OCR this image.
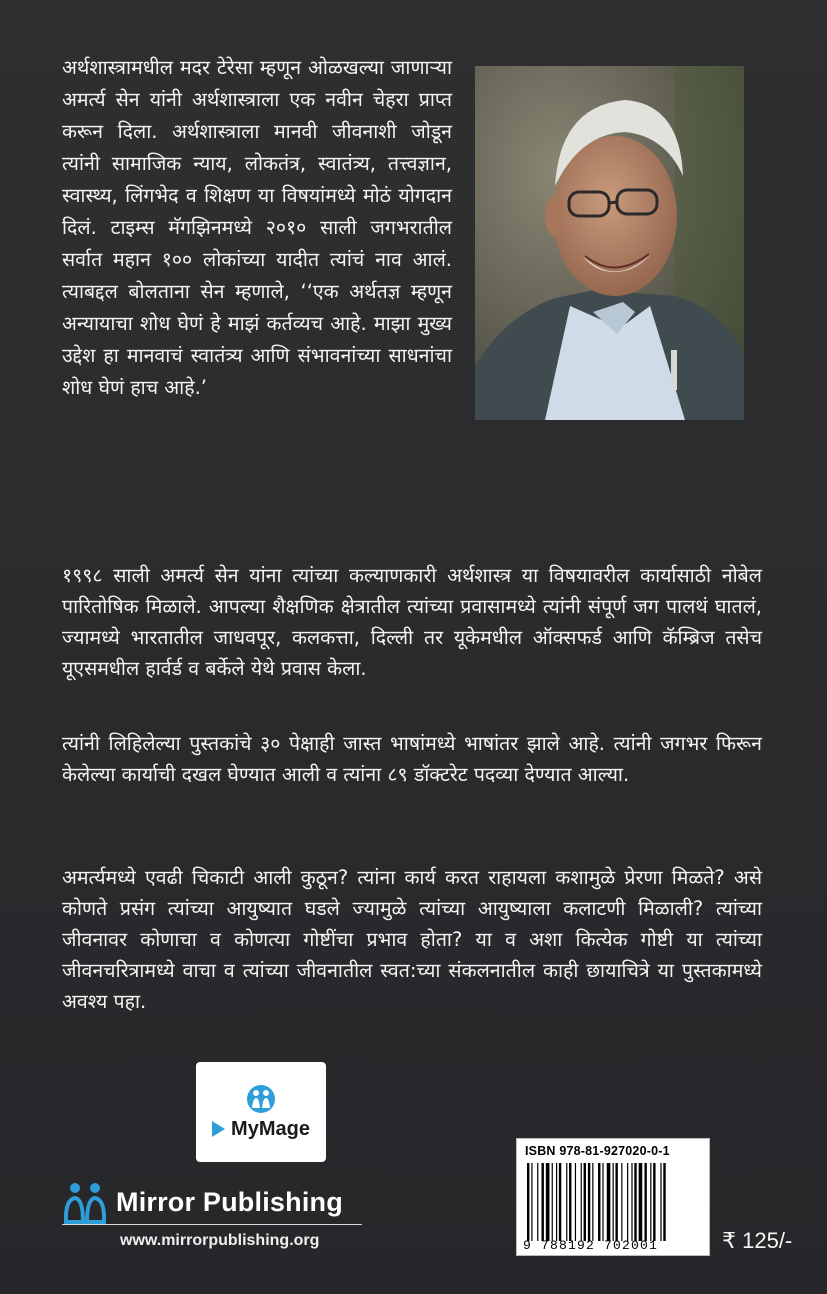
अर्थशास्त्रामधील मदर टेरेसा म्हणून ओळखल्या जाणाऱ्या अमर्त्य सेन यांनी अर्थशास्त्राला एक नवीन चेहरा प्राप्त करून दिला. अर्थशास्त्राला मानवी जीवनाशी जोडून त्यांनी सामाजिक न्याय, लोकतंत्र, स्वातंत्र्य, तत्त्वज्ञान, स्वास्थ्य, लिंगभेद व शिक्षण या विषयांमध्ये मोठं योगदान दिलं. टाइम्स मॅगझिनमध्ये २०१० साली जगभरातील सर्वात महान १०० लोकांच्या यादीत त्यांचं नाव आलं. त्याबद्दल बोलताना सेन म्हणाले, ‘‘एक अर्थतज्ञ म्हणून अन्यायाचा शोध घेणं हे माझं कर्तव्यच आहे. माझा मुख्य उद्देश हा मानवाचं स्वातंत्र्य आणि संभावनांच्या साधनांचा शोध घेणं हाच आहे.’

१९९८ साली अमर्त्य सेन यांना त्यांच्या कल्याणकारी अर्थशास्त्र या विषयावरील कार्यासाठी नोबेल पारितोषिक मिळाले. आपल्या शैक्षणिक क्षेत्रातील त्यांच्या प्रवासामध्ये त्यांनी संपूर्ण जग पालथं घातलं, ज्यामध्ये भारतातील जाधवपूर, कलकत्ता, दिल्ली तर यूकेमधील ऑक्सफर्ड आणि कॅम्ब्रिज तसेच यूएसमधील हार्वर्ड व बर्केले येथे प्रवास केला.

त्यांनी लिहिलेल्या पुस्तकांचे ३० पेक्षाही जास्त भाषांमध्ये भाषांतर झाले आहे. त्यांनी जगभर फिरून केलेल्या कार्याची दखल घेण्यात आली व त्यांना ८९ डॉक्टरेट पदव्या देण्यात आल्या.

अमर्त्यमध्ये एवढी चिकाटी आली कुठून? त्यांना कार्य करत राहायला कशामुळे प्रेरणा मिळते? असे कोणते प्रसंग त्यांच्या आयुष्यात घडले ज्यामुळे त्यांच्या आयुष्याला कलाटणी मिळाली? त्यांच्या जीवनावर कोणाचा व कोणत्या गोष्टींचा प्रभाव होता? या व अशा कित्येक गोष्टी या त्यांच्या जीवनचरित्रामध्ये वाचा व त्यांच्या जीवनातील स्वत:च्या संकलनातील काही छायाचित्रे या पुस्तकामध्ये अवश्य पहा.

MyMage
Mirror Publishing
www.mirrorpublishing.org
ISBN 978-81-927020-0-1
9 788192 702001	₹ 125/-
